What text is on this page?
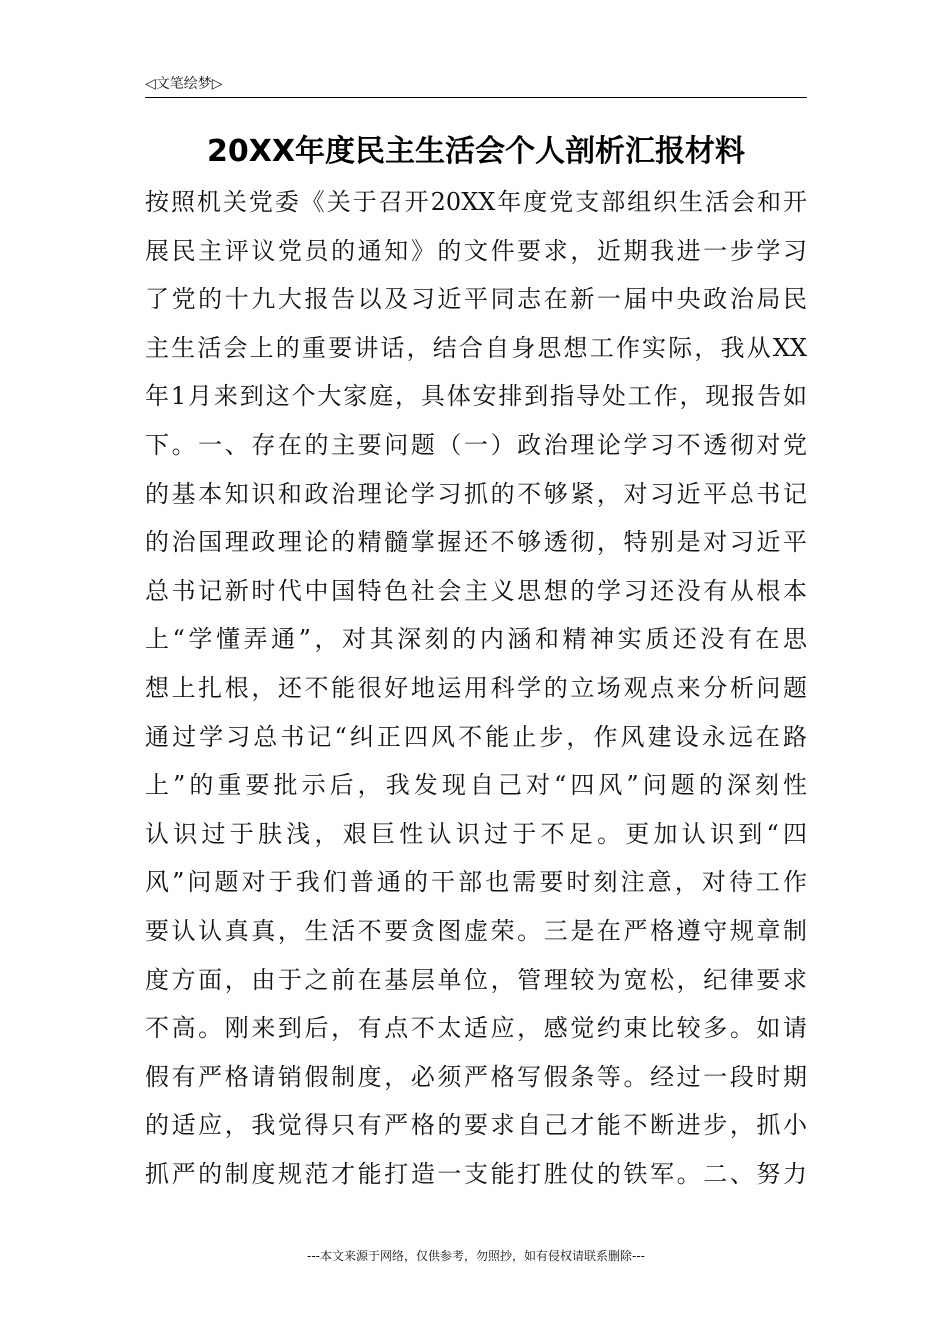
◁文笔绘梦▷
20XX年度民主生活会个人剖析汇报材料
按照机关党委《关于召开20XX年度党支部组织生活会和开
展民主评议党员的通知》的文件要求，近期我进一步学习
了党的十九大报告以及习近平同志在新一届中央政治局民
主生活会上的重要讲话，结合自身思想工作实际，我从XX
年1月来到这个大家庭，具体安排到指导处工作，现报告如
下。一、存在的主要问题（一）政治理论学习不透彻对党
的基本知识和政治理论学习抓的不够紧，对习近平总书记
的治国理政理论的精髓掌握还不够透彻，特别是对习近平
总书记新时代中国特色社会主义思想的学习还没有从根本
上“学懂弄通”，对其深刻的内涵和精神实质还没有在思
想上扎根，还不能很好地运用科学的立场观点来分析问题
通过学习总书记“纠正四风不能止步，作风建设永远在路
上”的重要批示后，我发现自己对“四风”问题的深刻性
认识过于肤浅，艰巨性认识过于不足。更加认识到“四
风”问题对于我们普通的干部也需要时刻注意，对待工作
要认认真真，生活不要贪图虚荣。三是在严格遵守规章制
度方面，由于之前在基层单位，管理较为宽松，纪律要求
不高。刚来到后，有点不太适应，感觉约束比较多。如请
假有严格请销假制度，必须严格写假条等。经过一段时期
的适应，我觉得只有严格的要求自己才能不断进步，抓小
抓严的制度规范才能打造一支能打胜仗的铁军。二、努力
---本文来源于网络，仅供参考，勿照抄，如有侵权请联系删除---
